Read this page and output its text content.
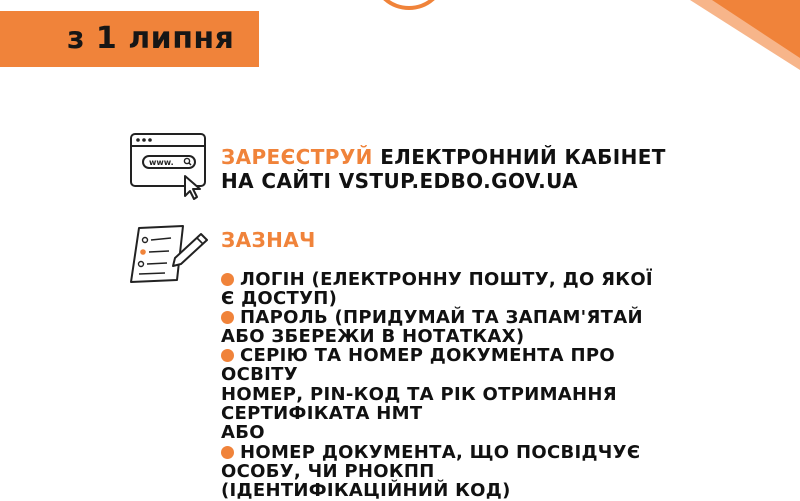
з 1 липня
www. ЗАРЕЄСТРУЙ ЕЛЕКТРОННИЙ КАБІНЕТ
НА САЙТІ VSTUP.EDBO.GOV.UA
ЗАЗНАЧ
ЛОГІН (ЕЛЕКТРОННУ ПОШТУ, ДО ЯКОЇ
Є ДОСТУП)
ПАРОЛЬ (ПРИДУМАЙ ТА ЗАПАМ'ЯТАЙ
АБО ЗБЕРЕЖИ В НОТАТКАХ)
СЕРІЮ ТА НОМЕР ДОКУМЕНТА ПРО
ОСВІТУ
НОМЕР, PIN-КОД ТА РІК ОТРИМАННЯ
СЕРТИФІКАТА НМТ
АБО
НОМЕР ДОКУМЕНТА, ЩО ПОСВІДЧУЄ
ОСОБУ, ЧИ РНОКПП
(ІДЕНТИФІКАЦІЙНИЙ КОД)
